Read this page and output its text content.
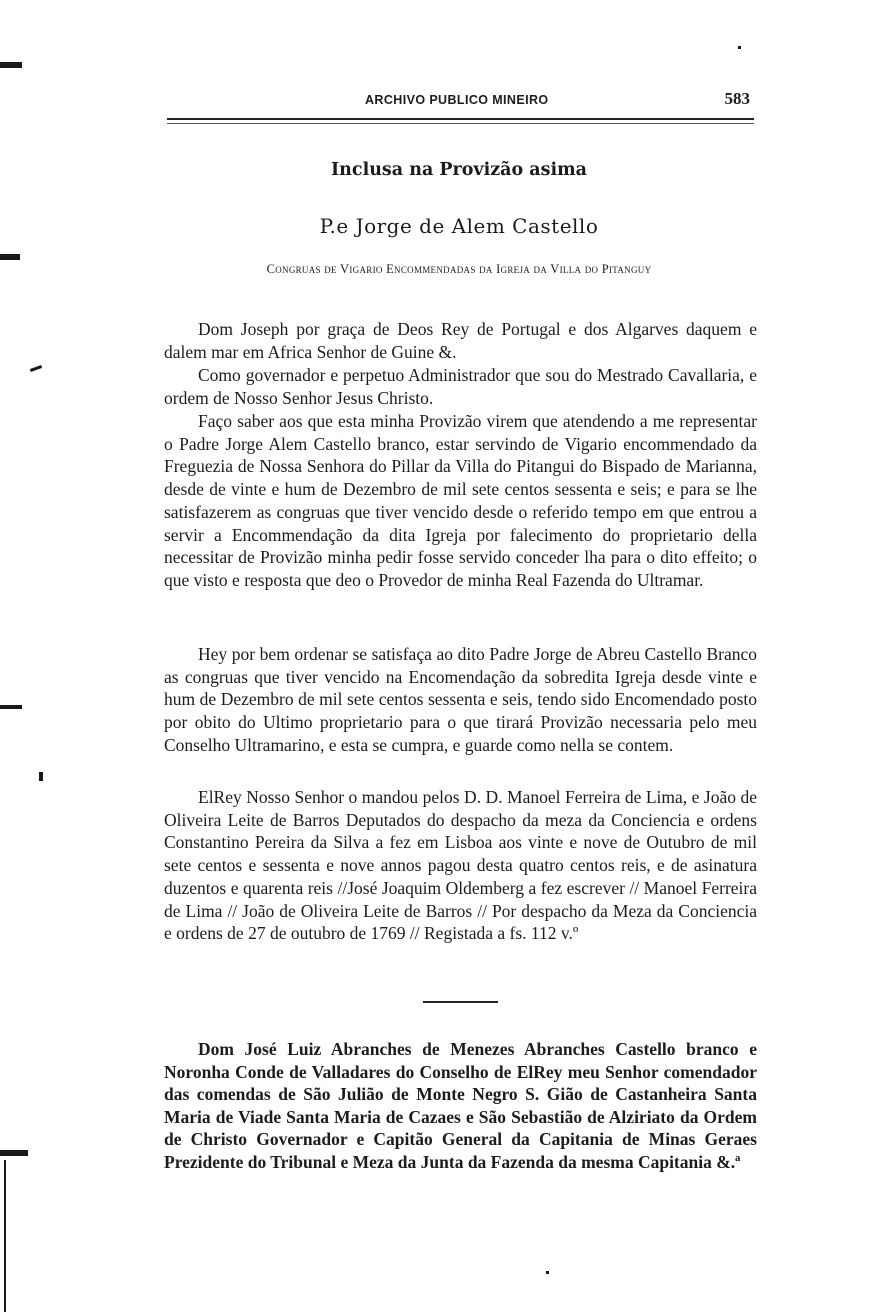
ARCHIVO PUBLICO MINEIRO	583
Inclusa na Provizão asima
P.e Jorge de Alem Castello
Congruas de Vigario Encommendadas da Igreja da Villa do Pitanguy

Dom Joseph por graça de Deos Rey de Portugal e dos Algarves daquem e dalem mar em Africa Senhor de Guine &.

Como governador e perpetuo Administrador que sou do Mestrado Cavallaria, e ordem de Nosso Senhor Jesus Christo.

Faço saber aos que esta minha Provizão virem que atendendo a me representar o Padre Jorge Alem Castello branco, estar servindo de Vigario encommendado da Freguezia de Nossa Senhora do Pillar da Villa do Pitangui do Bispado de Marianna, desde de vinte e hum de Dezembro de mil sete centos sessenta e seis; e para se lhe satisfazerem as congruas que tiver vencido desde o referido tempo em que entrou a servir a Encommendação da dita Igreja por falecimento do proprietario della necessitar de Provizão minha pedir fosse servido conceder lha para o dito effeito; o que visto e resposta que deo o Provedor de minha Real Fazenda do Ultramar.

Hey por bem ordenar se satisfaça ao dito Padre Jorge de Abreu Castello Branco as congruas que tiver vencido na Encomendação da sobredita Igreja desde vinte e hum de Dezembro de mil sete centos sessenta e seis, tendo sido Encomendado posto por obito do Ultimo proprietario para o que tirará Provizão necessaria pelo meu Conselho Ultramarino, e esta se cumpra, e guarde como nella se contem.

ElRey Nosso Senhor o mandou pelos D. D. Manoel Ferreira de Lima, e João de Oliveira Leite de Barros Deputados do despacho da meza da Conciencia e ordens Constantino Pereira da Silva a fez em Lisboa aos vinte e nove de Outubro de mil sete centos e sessenta e nove annos pagou desta quatro centos reis, e de asinatura duzentos e quarenta reis //José Joaquim Oldemberg a fez escrever // Manoel Ferreira de Lima // João de Oliveira Leite de Barros // Por despacho da Meza da Conciencia e ordens de 27 de outubro de 1769 // Registada a fs. 112 v.º

Dom José Luiz Abranches de Menezes Abranches Castello branco e Noronha Conde de Valladares do Conselho de ElRey meu Senhor comendador das comendas de São Julião de Monte Negro S. Gião de Castanheira Santa Maria de Viade Santa Maria de Cazaes e São Sebastião de Alziriato da Ordem de Christo Governador e Capitão General da Capitania de Minas Geraes Prezidente do Tribunal e Meza da Junta da Fazenda da mesma Capitania &.ª
